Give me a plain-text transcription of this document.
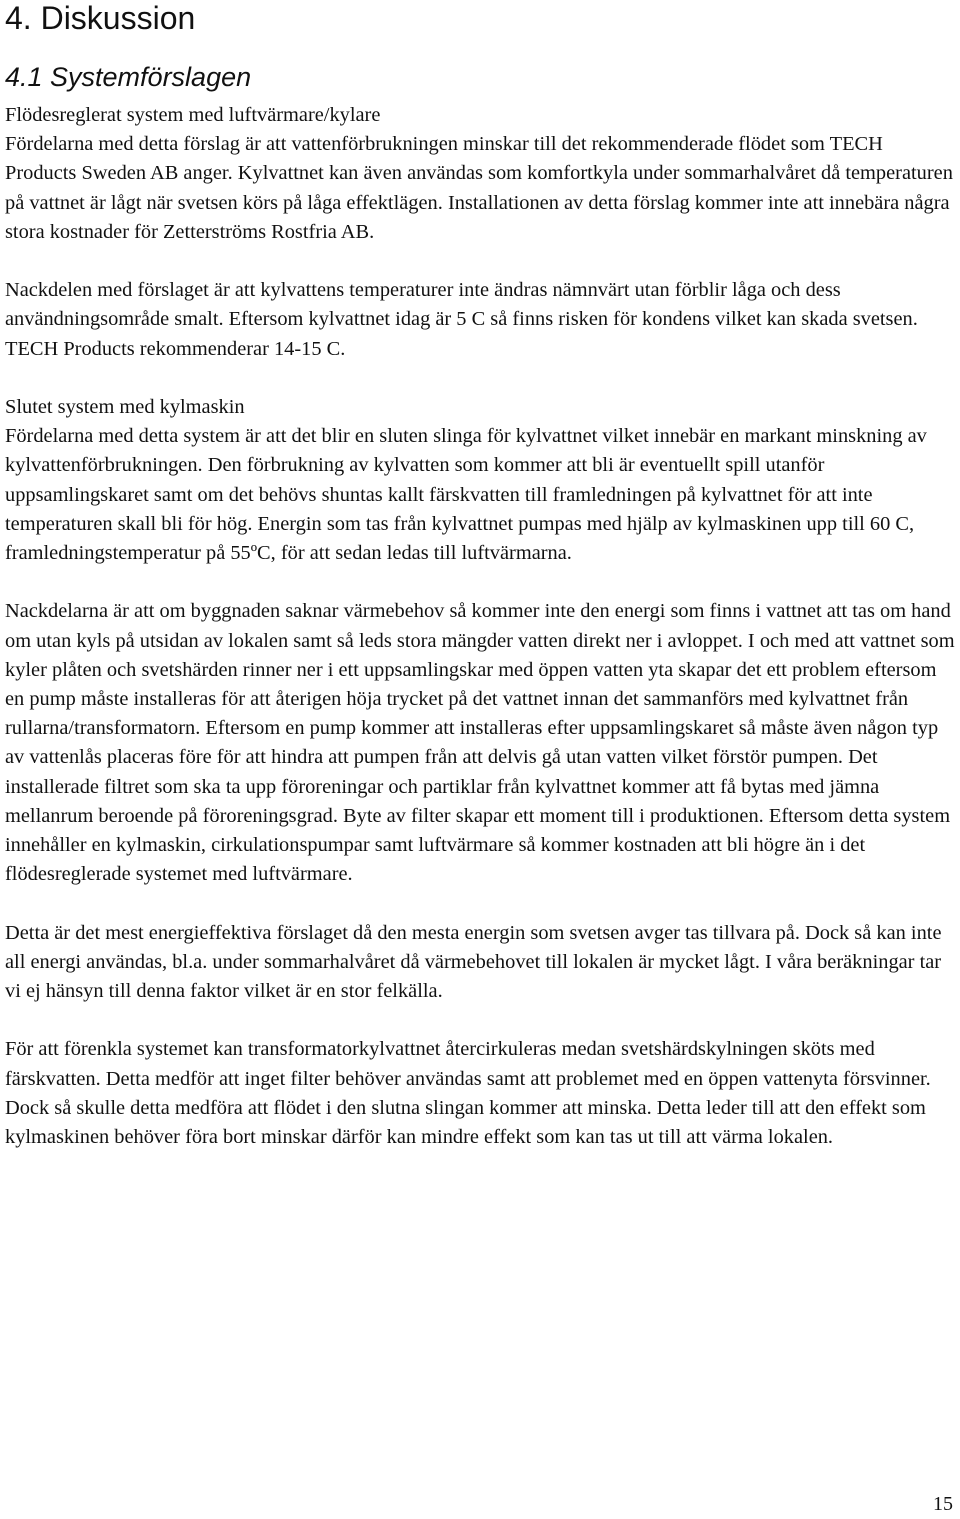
4. Diskussion
4.1 Systemförslagen

Flödesreglerat system med luftvärmare/kylare
Fördelarna med detta förslag är att vattenförbrukningen minskar till det rekommenderade flödet som TECH Products Sweden AB anger. Kylvattnet kan även användas som komfortkyla under sommarhalvåret då temperaturen på vattnet är lågt när svetsen körs på låga effektlägen. Installationen av detta förslag kommer inte att innebära några stora kostnader för Zetterströms Rostfria AB.

Nackdelen med förslaget är att kylvattens temperaturer inte ändras nämnvärt utan förblir låga och dess användningsområde smalt. Eftersom kylvattnet idag är 5 C så finns risken för kondens vilket kan skada svetsen. TECH Products rekommenderar 14-15 C.

Slutet system med kylmaskin
Fördelarna med detta system är att det blir en sluten slinga för kylvattnet vilket innebär en markant minskning av kylvattenförbrukningen. Den förbrukning av kylvatten som kommer att bli är eventuellt spill utanför uppsamlingskaret samt om det behövs shuntas kallt färskvatten till framledningen på kylvattnet för att inte temperaturen skall bli för hög. Energin som tas från kylvattnet pumpas med hjälp av kylmaskinen upp till 60 C, framledningstemperatur på 55ºC, för att sedan ledas till luftvärmarna.

Nackdelarna är att om byggnaden saknar värmebehov så kommer inte den energi som finns i vattnet att tas om hand om utan kyls på utsidan av lokalen samt så leds stora mängder vatten direkt ner i avloppet. I och med att vattnet som kyler plåten och svetshärden rinner ner i ett uppsamlingskar med öppen vatten yta skapar det ett problem eftersom en pump måste installeras för att återigen höja trycket på det vattnet innan det sammanförs med kylvattnet från rullarna/transformatorn. Eftersom en pump kommer att installeras efter uppsamlingskaret så måste även någon typ av vattenlås placeras före för att hindra att pumpen från att delvis gå utan vatten vilket förstör pumpen. Det installerade filtret som ska ta upp föroreningar och partiklar från kylvattnet kommer att få bytas med jämna mellanrum beroende på föroreningsgrad. Byte av filter skapar ett moment till i produktionen. Eftersom detta system innehåller en kylmaskin, cirkulationspumpar samt luftvärmare så kommer kostnaden att bli högre än i det flödesreglerade systemet med luftvärmare.

Detta är det mest energieffektiva förslaget då den mesta energin som svetsen avger tas tillvara på. Dock så kan inte all energi användas, bl.a. under sommarhalvåret då värmebehovet till lokalen är mycket lågt. I våra beräkningar tar vi ej hänsyn till denna faktor vilket är en stor felkälla.

För att förenkla systemet kan transformatorkylvattnet återcirkuleras medan svetshärdskylningen sköts med färskvatten. Detta medför att inget filter behöver användas samt att problemet med en öppen vattenyta försvinner. Dock så skulle detta medföra att flödet i den slutna slingan kommer att minska. Detta leder till att den effekt som kylmaskinen behöver föra bort minskar därför kan mindre effekt som kan tas ut till att värma lokalen.

15
